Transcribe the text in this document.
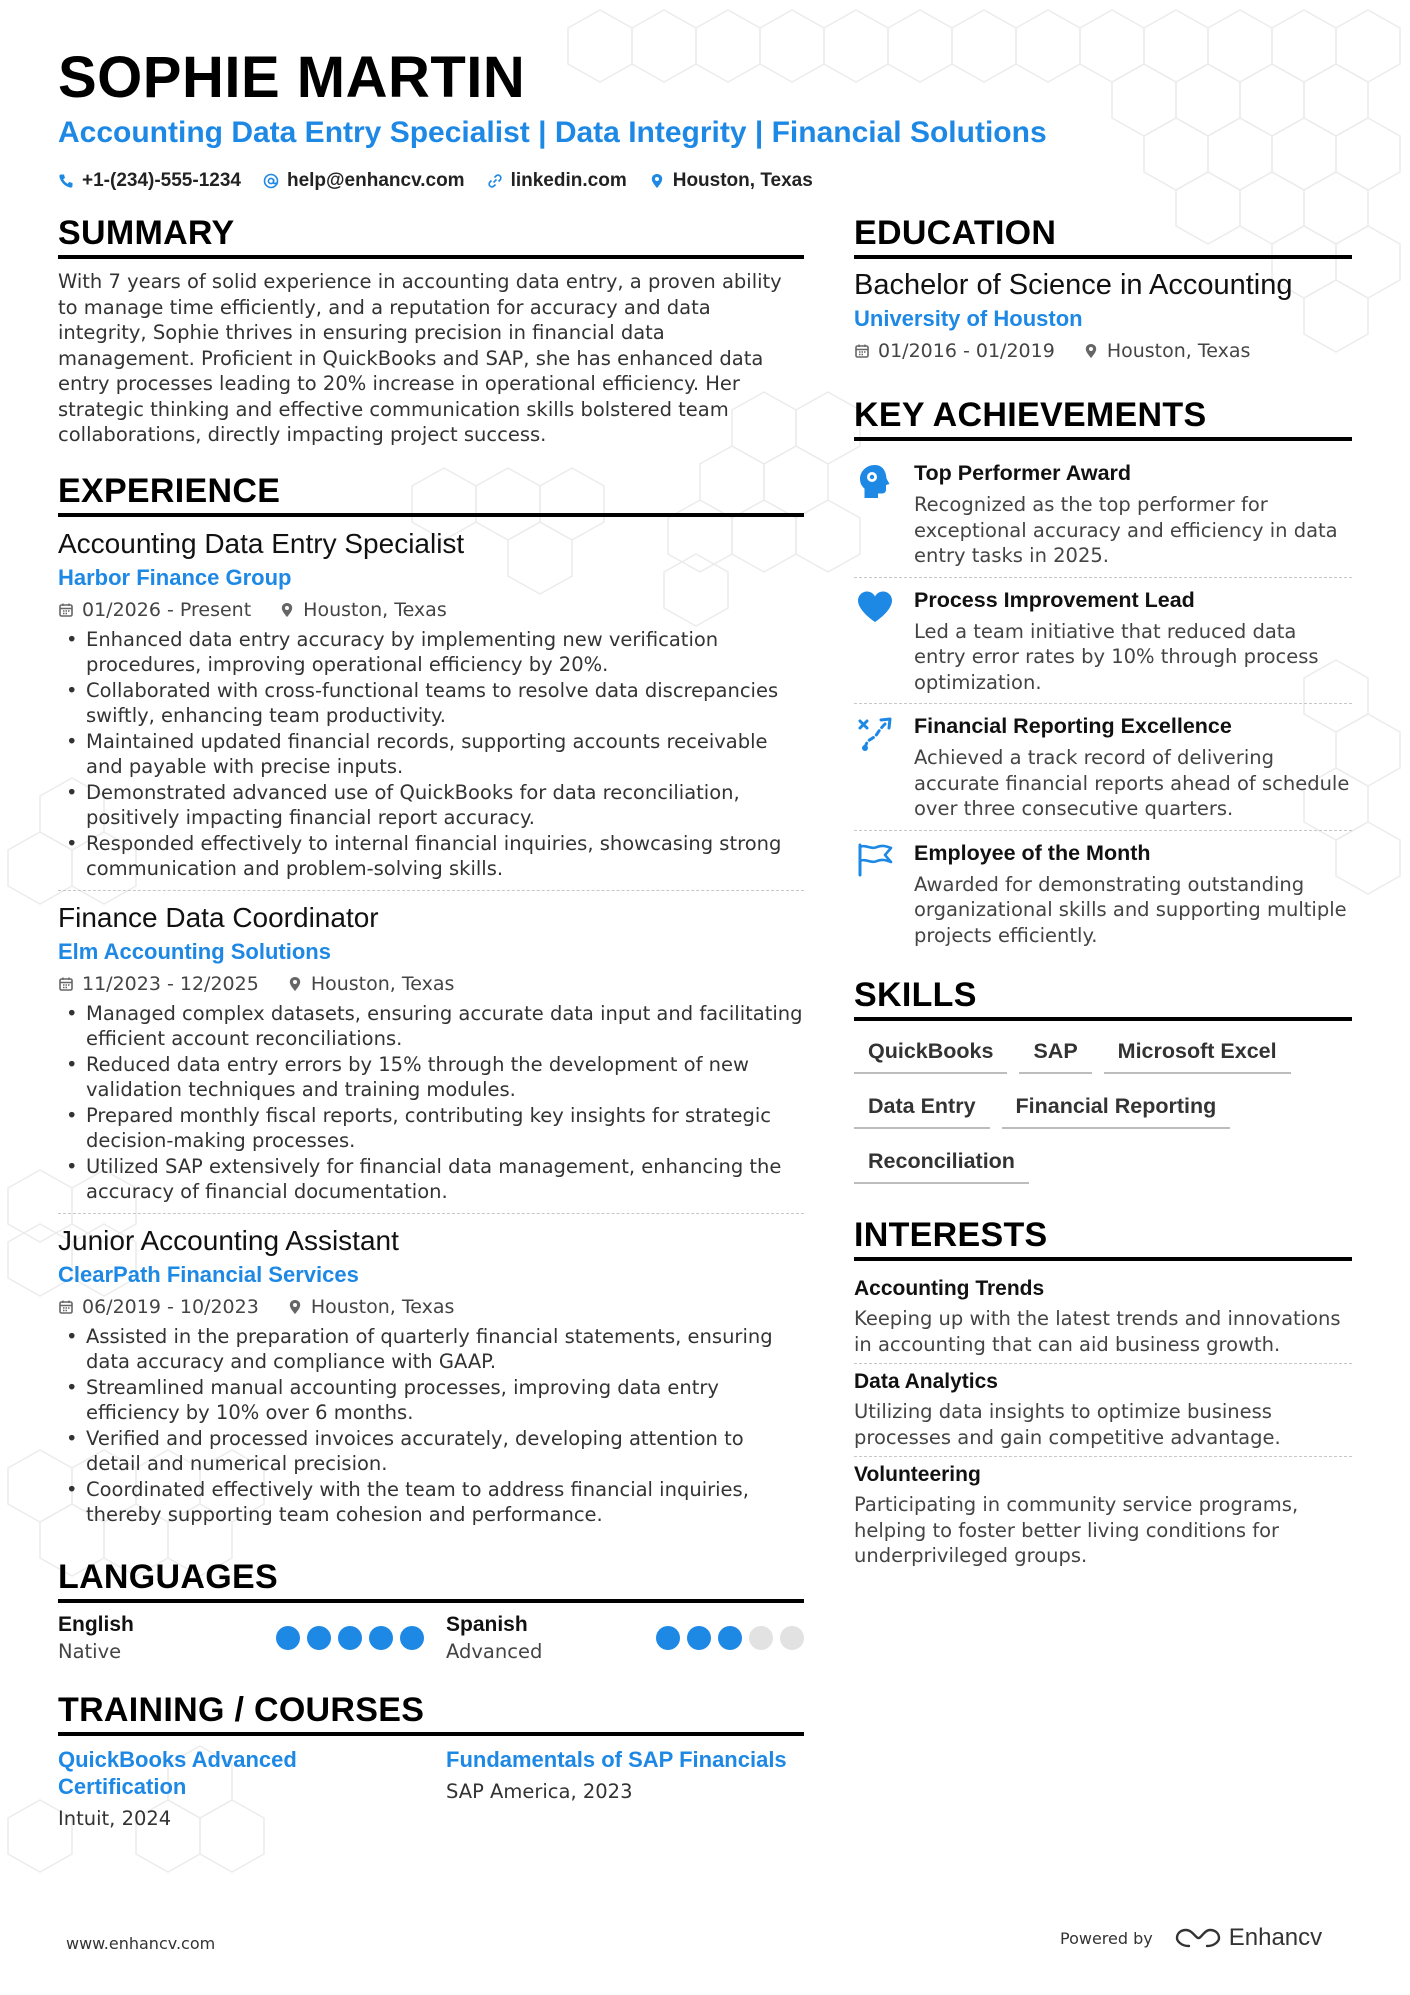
SOPHIE MARTIN
Accounting Data Entry Specialist | Data Integrity | Financial Solutions
+1-(234)-555-1234 help@enhancv.com linkedin.com Houston, Texas
SUMMARY
With 7 years of solid experience in accounting data entry, a proven ability to manage time efficiently, and a reputation for accuracy and data integrity, Sophie thrives in ensuring precision in financial data management. Proficient in QuickBooks and SAP, she has enhanced data entry processes leading to 20% increase in operational efficiency. Her strategic thinking and effective communication skills bolstered team collaborations, directly impacting project success.
EXPERIENCE
Accounting Data Entry Specialist
Harbor Finance Group
01/2026 - Present	Houston, Texas
• Enhanced data entry accuracy by implementing new verification procedures, improving operational efficiency by 20%.
• Collaborated with cross-functional teams to resolve data discrepancies swiftly, enhancing team productivity.
• Maintained updated financial records, supporting accounts receivable and payable with precise inputs.
• Demonstrated advanced use of QuickBooks for data reconciliation, positively impacting financial report accuracy.
• Responded effectively to internal financial inquiries, showcasing strong communication and problem-solving skills.
Finance Data Coordinator
Elm Accounting Solutions
11/2023 - 12/2025	Houston, Texas
• Managed complex datasets, ensuring accurate data input and facilitating efficient account reconciliations.
• Reduced data entry errors by 15% through the development of new validation techniques and training modules.
• Prepared monthly fiscal reports, contributing key insights for strategic decision-making processes.
• Utilized SAP extensively for financial data management, enhancing the accuracy of financial documentation.
Junior Accounting Assistant
ClearPath Financial Services
06/2019 - 10/2023	Houston, Texas
• Assisted in the preparation of quarterly financial statements, ensuring data accuracy and compliance with GAAP.
• Streamlined manual accounting processes, improving data entry efficiency by 10% over 6 months.
• Verified and processed invoices accurately, developing attention to detail and numerical precision.
• Coordinated effectively with the team to address financial inquiries, thereby supporting team cohesion and performance.
LANGUAGES
English
Native
Spanish
Advanced
TRAINING / COURSES
QuickBooks Advanced Certification
Intuit, 2024
Fundamentals of SAP Financials
SAP America, 2023
EDUCATION
Bachelor of Science in Accounting
University of Houston
01/2016 - 01/2019	Houston, Texas
KEY ACHIEVEMENTS
Top Performer Award
Recognized as the top performer for exceptional accuracy and efficiency in data entry tasks in 2025.
Process Improvement Lead
Led a team initiative that reduced data entry error rates by 10% through process optimization.
Financial Reporting Excellence
Achieved a track record of delivering accurate financial reports ahead of schedule over three consecutive quarters.
Employee of the Month
Awarded for demonstrating outstanding organizational skills and supporting multiple projects efficiently.
SKILLS
QuickBooks	SAP	Microsoft Excel
Data Entry	Financial Reporting
Reconciliation
INTERESTS
Accounting Trends
Keeping up with the latest trends and innovations in accounting that can aid business growth.
Data Analytics
Utilizing data insights to optimize business processes and gain competitive advantage.
Volunteering
Participating in community service programs, helping to foster better living conditions for underprivileged groups.
www.enhancv.com	Powered by	Enhancv
